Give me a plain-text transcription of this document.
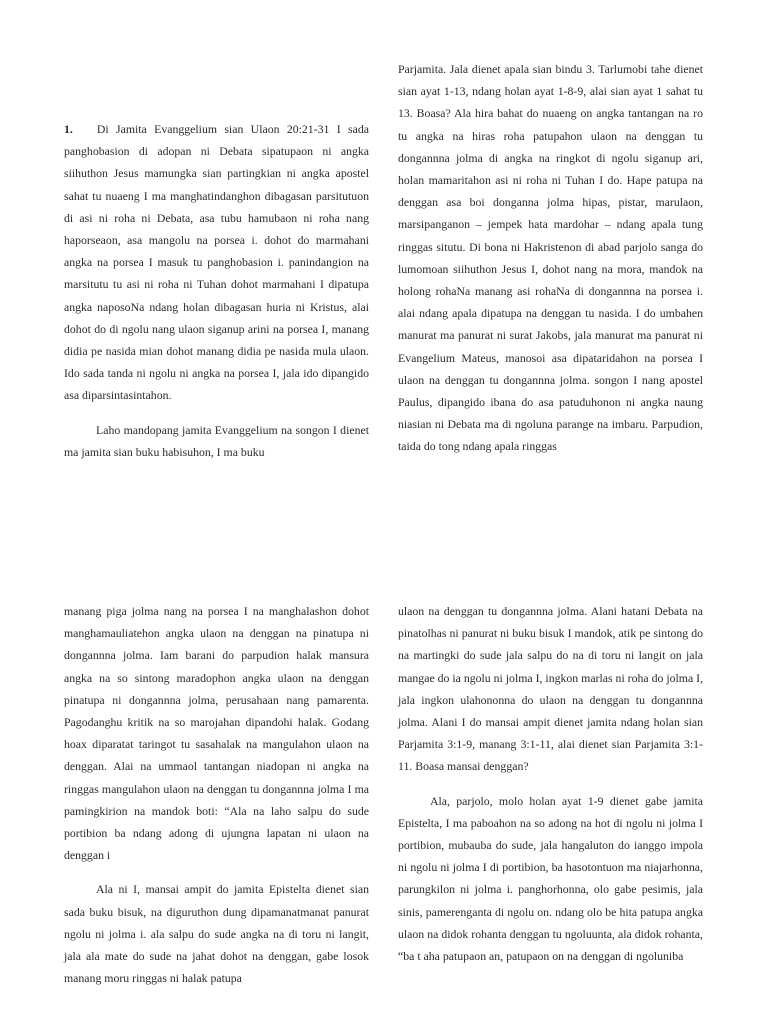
1. Di Jamita Evanggelium sian Ulaon 20:21-31 I sada panghobasion di adopan ni Debata sipatupaon ni angka siihuthon Jesus mamungka sian partingkian ni angka apostel sahat tu nuaeng I ma manghatindanghon dibagasan parsitutuon di asi ni roha ni Debata, asa tubu hamubaon ni roha nang haporseaon, asa mangolu na porsea i. dohot do marmahani angka na porsea I masuk tu panghobasion i. panindangion na marsitutu tu asi ni roha ni Tuhan dohot marmahani I dipatupa angka naposoNa ndang holan dibagasan huria ni Kristus, alai dohot do di ngolu nang ulaon siganup arini na porsea I, manang didia pe nasida mian dohot manang didia pe nasida mula ulaon. Ido sada tanda ni ngolu ni angka na porsea I, jala ido dipangido asa diparsintasintahon.

Laho mandopang jamita Evanggelium na songon I dienet ma jamita sian buku habisuhon, I ma buku

Parjamita. Jala dienet apala sian bindu 3. Tarlumobi tahe dienet sian ayat 1-13, ndang holan ayat 1-8-9, alai sian ayat 1 sahat tu 13. Boasa? Ala hira bahat do nuaeng on angka tantangan na ro tu angka na hiras roha patupahon ulaon na denggan tu dongannna jolma di angka na ringkot di ngolu siganup ari, holan mamaritahon asi ni roha ni Tuhan I do. Hape patupa na denggan asa boi donganna jolma hipas, pistar, marulaon, marsipanganon – jempek hata mardohar – ndang apala tung ringgas situtu. Di bona ni Hakristenon di abad parjolo sanga do lumomoan siihuthon Jesus I, dohot nang na mora, mandok na holong rohaNa manang asi rohaNa di dongannna na porsea i. alai ndang apala dipatupa na denggan tu nasida. I do umbahen manurat ma panurat ni surat Jakobs, jala manurat ma panurat ni Evangelium Mateus, manosoi asa dipataridahon na porsea I ulaon na denggan tu dongannna jolma. songon I nang apostel Paulus, dipangido ibana do asa patuduhonon ni angka naung niasian ni Debata ma di ngoluna parange na imbaru. Parpudion, taida do tong ndang apala ringgas

manang piga jolma nang na porsea I na manghalashon dohot manghamauliatehon angka ulaon na denggan na pinatupa ni dongannna jolma. Iam barani do parpudion halak mansura angka na so sintong maradophon angka ulaon na denggan pinatupa ni dongannna jolma, perusahaan nang pamarenta. Pagodanghu kritik na so marojahan dipandohi halak. Godang hoax diparatat taringot tu sasahalak na mangulahon ulaon na denggan. Alai na ummaol tantangan niadopan ni angka na ringgas mangulahon ulaon na denggan tu dongannna jolma I ma pamingkirion na mandok boti: “Ala na laho salpu do sude portibion ba ndang adong di ujungna lapatan ni ulaon na denggan i

Ala ni I, mansai ampit do jamita Epistelta dienet sian sada buku bisuk, na diguruthon dung dipamanatmanat panurat ngolu ni jolma i. ala salpu do sude angka na di toru ni langit, jala ala mate do sude na jahat dohot na denggan, gabe losok manang moru ringgas ni halak patupa

ulaon na denggan tu dongannna jolma. Alani hatani Debata na pinatolhas ni panurat ni buku bisuk I mandok, atik pe sintong do na martingki do sude jala salpu do na di toru ni langit on jala mangae do ia ngolu ni jolma I, ingkon marlas ni roha do jolma I, jala ingkon ulahononna do ulaon na denggan tu dongannna jolma. Alani I do mansai ampit dienet jamita ndang holan sian Parjamita 3:1-9, manang 3:1-11, alai dienet sian Parjamita 3:1-11. Boasa mansai denggan?

Ala, parjolo, molo holan ayat 1-9 dienet gabe jamita Epistelta, I ma paboahon na so adong na hot di ngolu ni jolma I portibion, mubauba do sude, jala hangaluton do ianggo impola ni ngolu ni jolma I di portibion, ba hasotontuon ma niajarhonna, parungkilon ni jolma i. panghorhonna, olo gabe pesimis, jala sinis, pamerenganta di ngolu on. ndang olo be hita patupa angka ulaon na didok rohanta denggan tu ngoluunta, ala didok rohanta, “ba t aha patupaon an, patupaon on na denggan di ngoluniba
